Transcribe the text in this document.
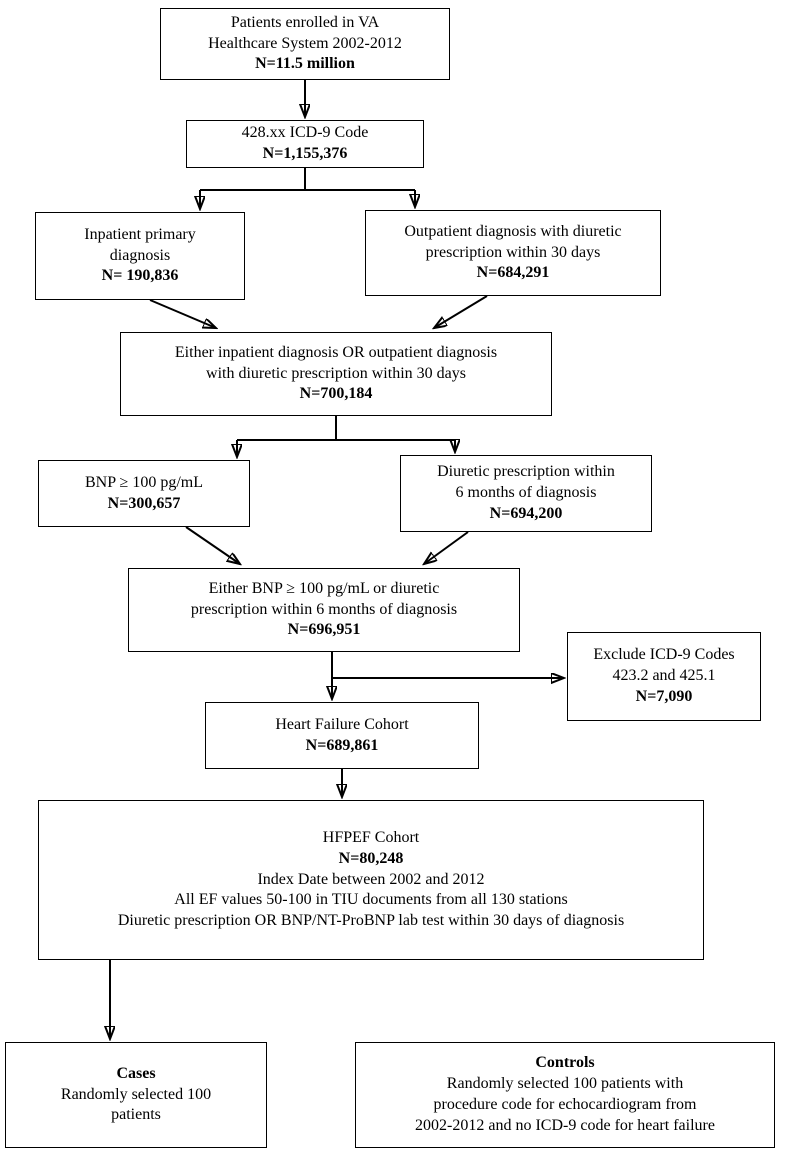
Patients enrolled in VA
Healthcare System 2002-2012
N=11.5 million
428.xx ICD-9 Code
N=1,155,376
Inpatient primary
diagnosis
N= 190,836
Outpatient diagnosis with diuretic
prescription within 30 days
N=684,291
Either inpatient diagnosis OR outpatient diagnosis
with diuretic prescription within 30 days
N=700,184
BNP ≥ 100 pg/mL
N=300,657
Diuretic prescription within
6 months of diagnosis
N=694,200
Either BNP ≥ 100 pg/mL or diuretic
prescription within 6 months of diagnosis
N=696,951
Exclude ICD-9 Codes
423.2 and 425.1
N=7,090
Heart Failure Cohort
N=689,861
HFPEF Cohort
N=80,248
Index Date between 2002 and 2012
All EF values 50-100 in TIU documents from all 130 stations
Diuretic prescription OR BNP/NT-ProBNP lab test within 30 days of diagnosis
Cases
Randomly selected 100
patients
Controls
Randomly selected 100 patients with
procedure code for echocardiogram from
2002-2012 and no ICD-9 code for heart failure
